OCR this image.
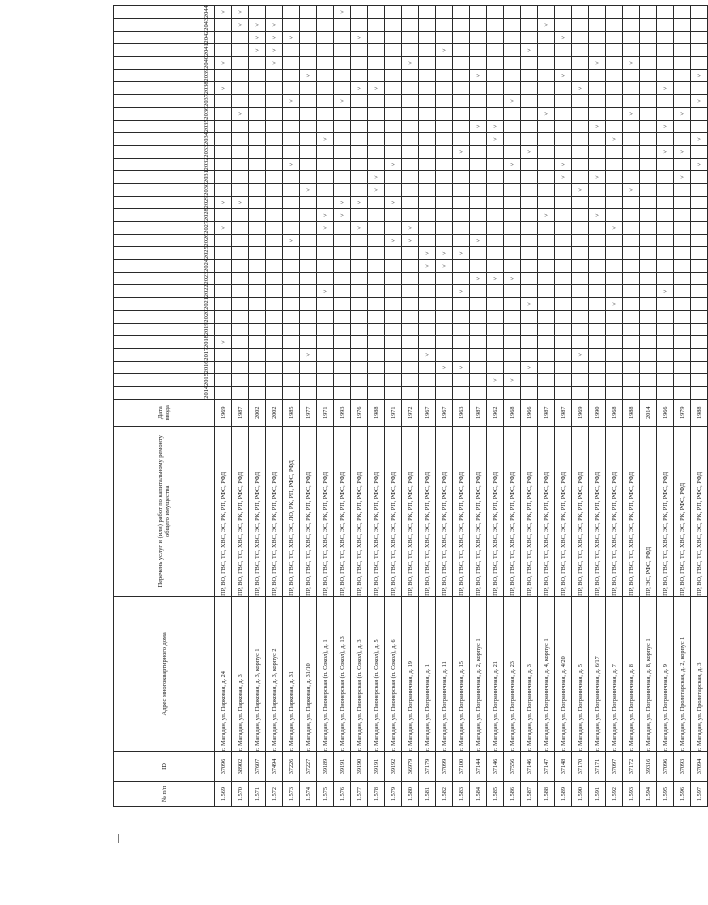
№ п/п	ID	Адрес многоквартирного дома	Перечень услуг и (или) работ по капитальному ремонту общего имущества	Дата ввода	2014	2015	2016	2017	2018	2019	2020	2021	2022	2023	2024	2025	2026	2027	2028	2029	2030	2031	2032	2033	2034	2035	2036	2037	2038	2039	2040	2041	2042	2043	2044
1.569	37096	г. Магадан, ул. Парковая, д. 24	ПР, ВО, ГВС, ТС, ХВС, ЭС, РК, РП, РФС, РФД	1969					˅									˅		˅									˅		˅				˅
1.570	38902	г. Магадан, ул. Парковая, д. 3	ПР, ВО, ГВС, ТС, ХВС, ЭС, РК, РП, РФС, РФД	1987																˅							˅							˅	˅
1.571	37607	г. Магадан, ул. Парковая, д. 3, корпус 1	ПР, ВО, ГВС, ТС, ХВС, ЭС, РК, РП, РФС, РФД	2002																												˅	˅	˅	
1.572	37494	г. Магадан, ул. Парковая, д. 3, корпус 2	ПР, ВО, ГВС, ТС, ХВС, ЭС, РК, РП, РФС, РФД	2002																											˅	˅	˅	˅	
1.573	37226	г. Магадан, ул. Парковая, д. 31	ПР, ВО, ГВС, ТС, ХВС, ЭС, ЛО, РК, РП, РФС, РФД	1985													˅						˅					˅					˅		
1.574	37227	г. Магадан, ул. Парковая, д. 31/10	ПР, ВО, ГВС, ТС, ХВС, ЭС, РК, РП, РФС, РФД	1977				˅													˅									˅					
1.575	39189	г. Магадан, ул. Пионерская (п. Сокол), д. 1	ПР, ВО, ГВС, ТС, ХВС, ЭС, РК, РП, РФС, РФД	1971									˅					˅	˅						˅										
1.576	39191	г. Магадан, ул. Пионерская (п. Сокол), д. 13	ПР, ВО, ГВС, ТС, ХВС, ЭС, РК, РП, РФС, РФД	1993															˅	˅								˅							˅
1.577	39190	г. Магадан, ул. Пионерская (п. Сокол), д. 3	ПР, ВО, ГВС, ТС, ХВС, ЭС, РК, РП, РФС, РФД	1976														˅		˅									˅				˅		
1.578	39191	г. Магадан, ул. Пионерская (п. Сокол), д. 5	ПР, ВО, ГВС, ТС, ХВС, ЭС, РК, РП, РФС, РФД	1988																	˅	˅							˅						
1.579	39192	г. Магадан, ул. Пионерская (п. Сокол), д. 6	ПР, ВО, ГВС, ТС, ХВС, ЭС, РК, РП, РФС, РФД	1971													˅			˅			˅												
1.580	36979	г. Магадан, ул. Пограничная, д. 19	ПР, ВО, ГВС, ТС, ХВС, ЭС, РК, РП, РФС, РФД	1972													˅	˅													˅				
1.581	37179	г. Магадан, ул. Пограничная, д. 1	ПР, ВО, ГВС, ТС, ХВС, ЭС, РК, РП, РФС, РФД	1967				˅							˅	˅																			
1.582	37099	г. Магадан, ул. Пограничная, д. 11	ПР, ВО, ГВС, ТС, ХВС, ЭС, РК, РП, РФС, РФД	1967			˅								˅	˅																˅			
1.583	37100	г. Магадан, ул. Пограничная, д. 15	ПР, ВО, ГВС, ТС, ХВС, ЭС, РК, РП, РФС, РФД	1963			˅						˅			˅								˅											
1.584	37144	г. Магадан, ул. Пограничная, д. 2, корпус 1	ПР, ВО, ГВС, ТС, ХВС, ЭС, РК, РП, РФС, РФД	1987										˅			˅									˅				˅					
1.585	37146	г. Магадан, ул. Пограничная, д. 21	ПР, ВО, ГВС, ТС, ХВС, ЭС, РК, РП, РФС, РФД	1962		˅								˅											˅	˅									
1.586	37556	г. Магадан, ул. Пограничная, д. 23	ПР, ВО, ГВС, ТС, ХВС, ЭС, РК, РП, РФС, РФД	1968		˅								˅									˅					˅							
1.587	37146	г. Магадан, ул. Пограничная, д. 3	ПР, ВО, ГВС, ТС, ХВС, ЭС, РК, РП, РФС, РФД	1966			˅					˅												˅								˅			
1.588	37147	г. Магадан, ул. Пограничная, д. 4, корпус 1	ПР, ВО, ГВС, ТС, ХВС, ЭС, РК, РП, РФС, РФД	1987															˅								˅							˅	
1.589	37148	г. Магадан, ул. Пограничная, д. 4/20	ПР, ВО, ГВС, ТС, ХВС, ЭС, РК, РП, РФС, РФД	1987																		˅	˅							˅			˅		
1.590	37170	г. Магадан, ул. Пограничная, д. 5	ПР, ВО, ГВС, ТС, ХВС, ЭС, РК, РП, РФС, РФД	1969				˅													˅								˅						
1.591	37171	г. Магадан, ул. Пограничная, д. 6/17	ПР, ВО, ГВС, ТС, ХВС, ЭС, РК, РП, РФС, РФД	1990															˅			˅				˅					˅				
1.592	37097	г. Магадан, ул. Пограничная, д. 7	ПР, ВО, ГВС, ТС, ХВС, ЭС, РК, РП, РФС, РФД	1968								˅						˅							˅										
1.593	37172	г. Магадан, ул. Пограничная, д. 8	ПР, ВО, ГВС, ТС, ХВС, ЭС, РК, РП, РФС, РФД	1988																	˅						˅				˅				
1.594	39316	г. Магадан, ул. Пограничная, д. 8, корпус 1	ПР, ЭС, РФС, РФД	2014																															
1.595	37096	г. Магадан, ул. Пограничная, д. 9	ПР, ВО, ГВС, ТС, ХВС, ЭС, РК, РП, РФС, РФД	1966									˅											˅		˅			˅						
1.596	37093	г. Магадан, ул. Пролетарская, д. 2, корпус 1	ПР, ВО, ГВС, ТС, ХВС, ЭС, РК, РФС, РФД	1979																		˅		˅			˅								
1.597	37094	г. Магадан, ул. Пролетарская, д. 3	ПР, ВО, ГВС, ТС, ХВС, ЭС, РК, РП, РФС, РФД	1988																			˅		˅			˅		˅					
